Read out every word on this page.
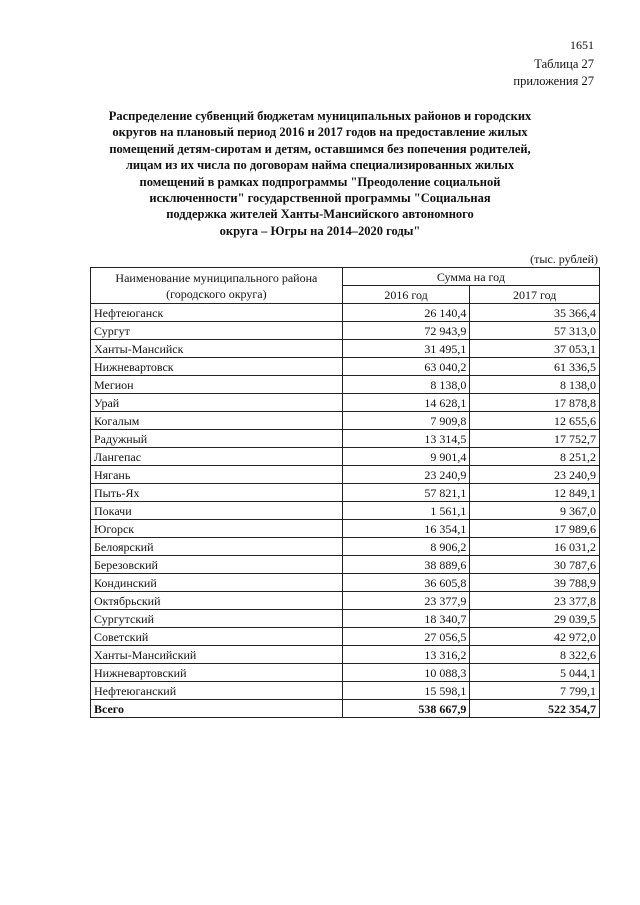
1651
Таблица 27
приложения 27
Распределение субвенций бюджетам муниципальных районов и городских
округов на плановый период 2016 и 2017 годов на предоставление жилых
помещений детям-сиротам и детям, оставшимся без попечения родителей,
лицам из их числа по договорам найма специализированных жилых
помещений в рамках подпрограммы "Преодоление социальной
исключенности" государственной программы "Социальная
поддержка жителей Ханты-Мансийского автономного
округа – Югры на 2014–2020 годы"
(тыс. рублей)
Наименование муниципального района
(городского округа)	Сумма на год	
	2016 год	2017 год
Нефтеюганск	26 140,4	35 366,4
Сургут	72 943,9	57 313,0
Ханты-Мансийск	31 495,1	37 053,1
Нижневартовск	63 040,2	61 336,5
Мегион	8 138,0	8 138,0
Урай	14 628,1	17 878,8
Когалым	7 909,8	12 655,6
Радужный	13 314,5	17 752,7
Лангепас	9 901,4	8 251,2
Нягань	23 240,9	23 240,9
Пыть-Ях	57 821,1	12 849,1
Покачи	1 561,1	9 367,0
Югорск	16 354,1	17 989,6
Белоярский	8 906,2	16 031,2
Березовский	38 889,6	30 787,6
Кондинский	36 605,8	39 788,9
Октябрьский	23 377,9	23 377,8
Сургутский	18 340,7	29 039,5
Советский	27 056,5	42 972,0
Ханты-Мансийский	13 316,2	8 322,6
Нижневартовский	10 088,3	5 044,1
Нефтеюганский	15 598,1	7 799,1
Всего	538 667,9	522 354,7
